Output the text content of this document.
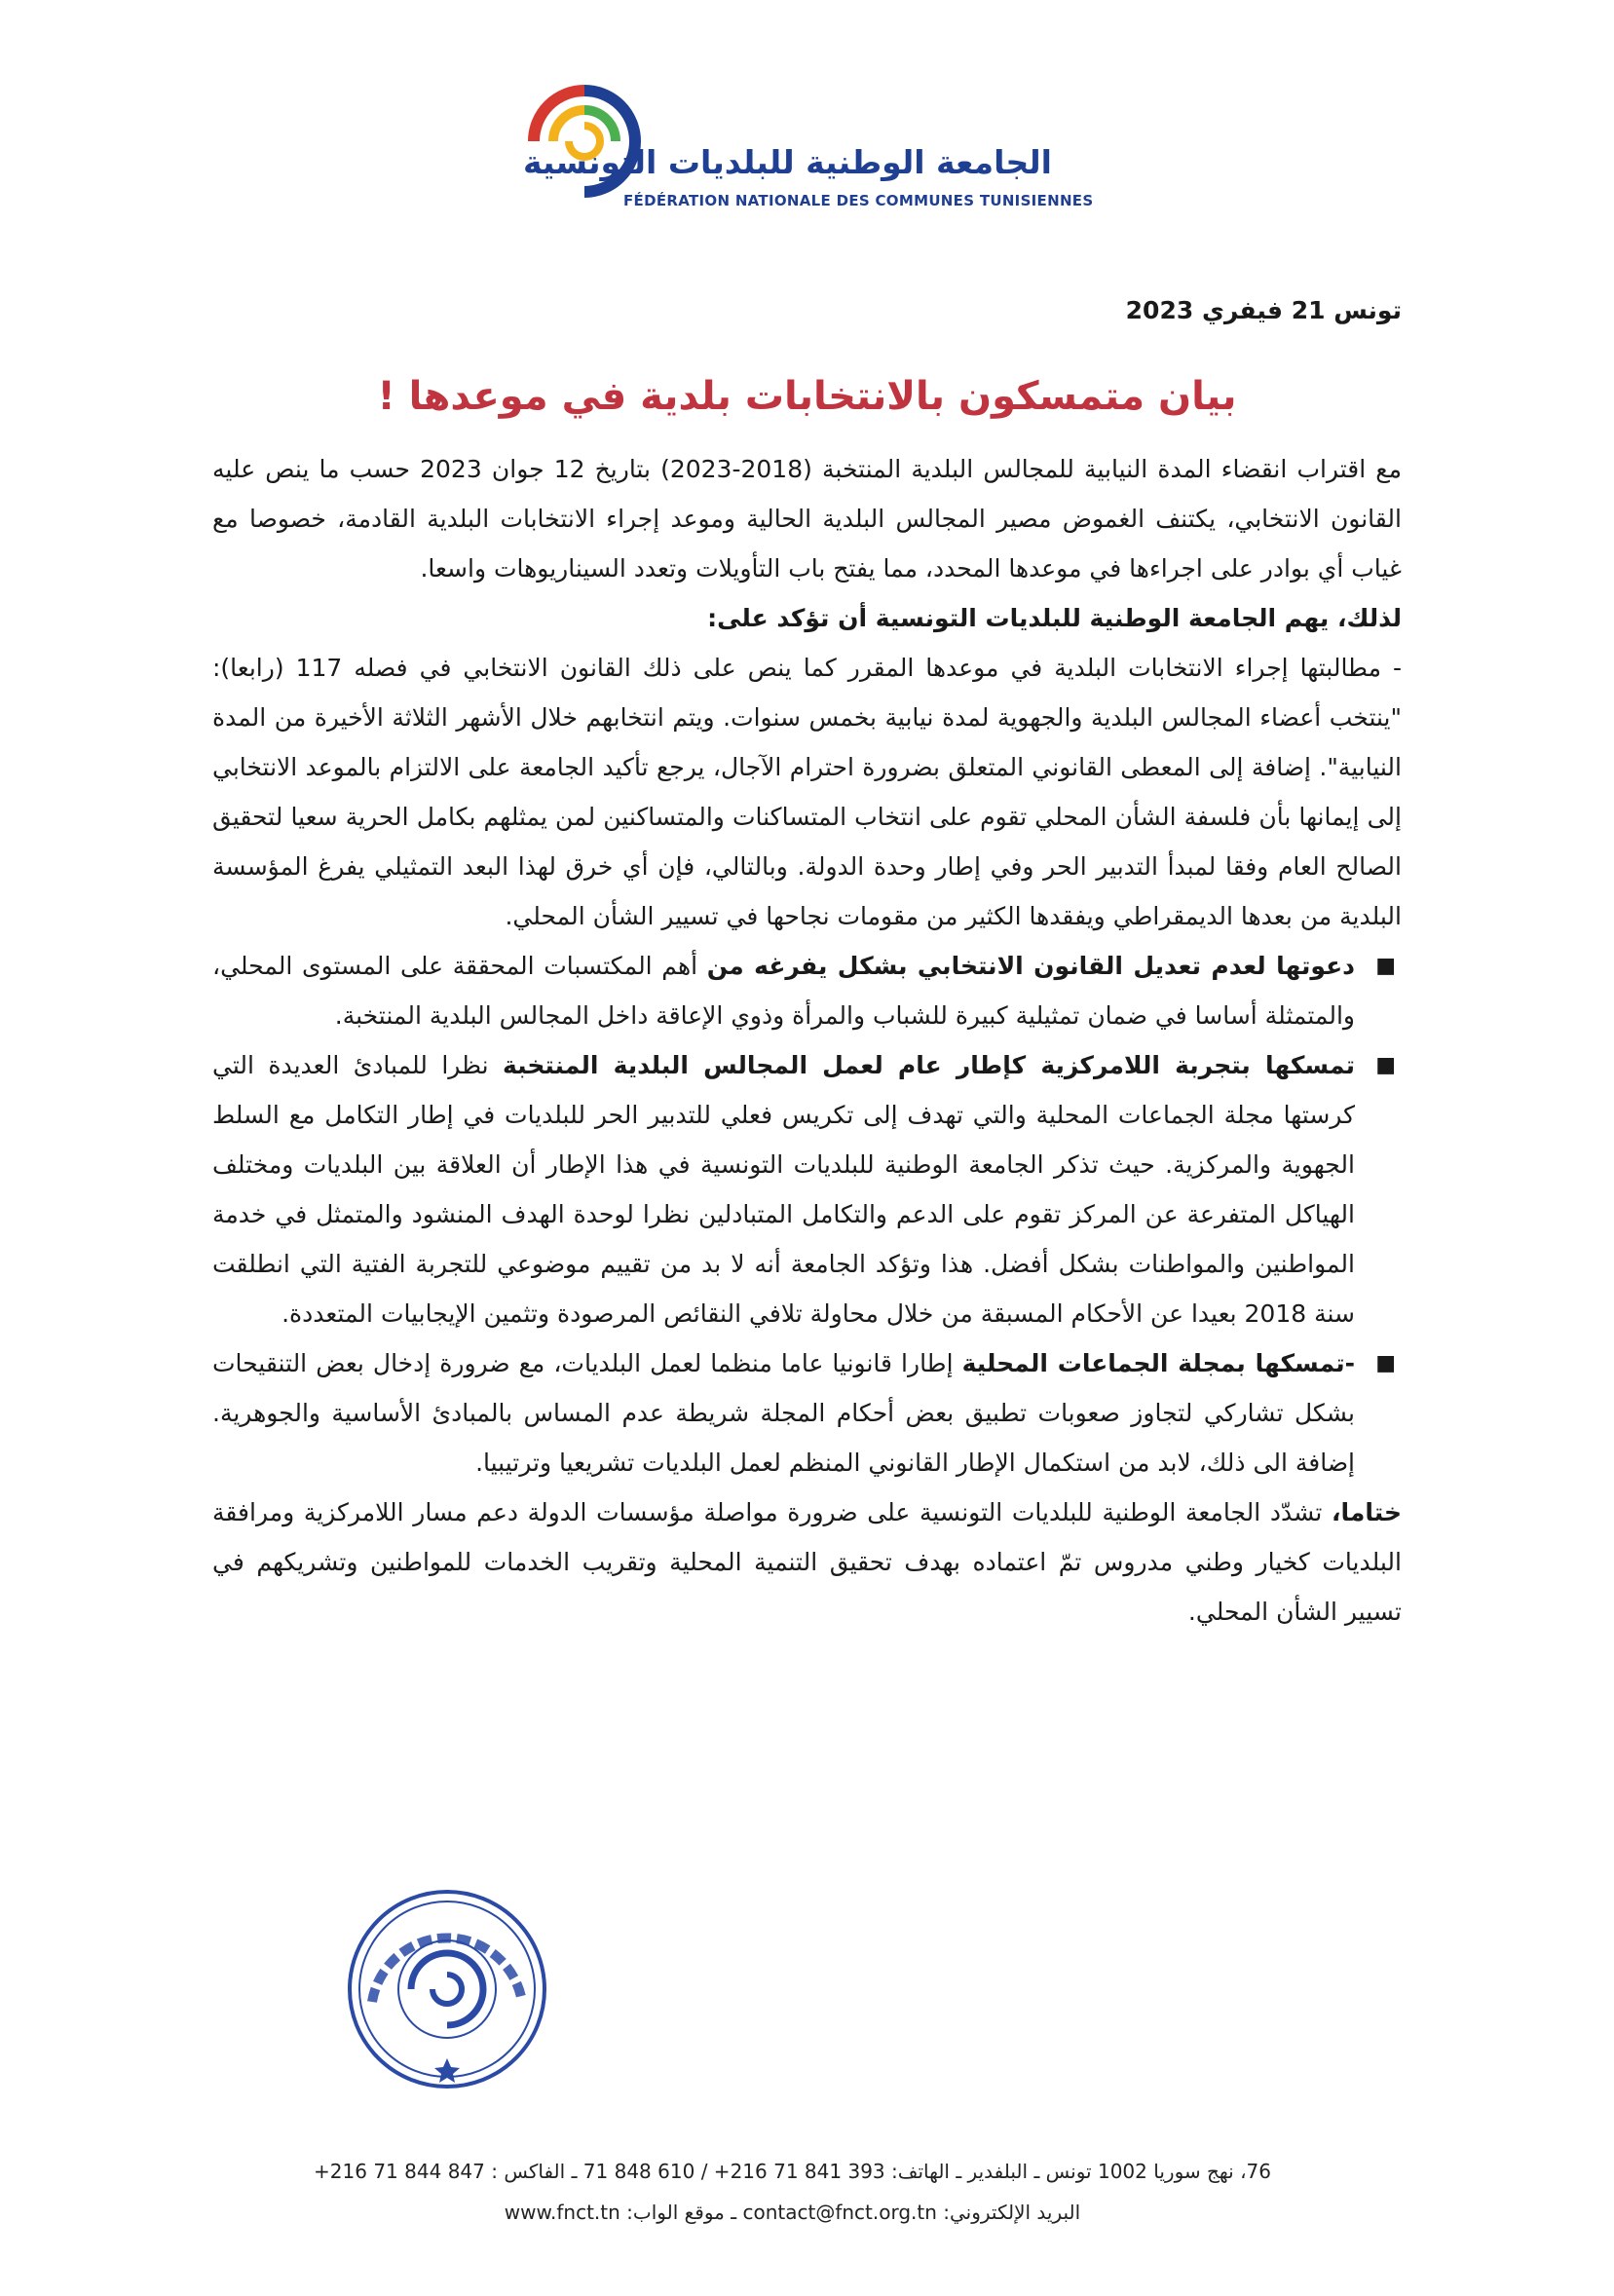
الجامعة الوطنية للبلديات التونسية
FÉDÉRATION NATIONALE DES COMMUNES TUNISIENNES
تونس 21 فيفري 2023
بيان متمسكون بالانتخابات بلدية في موعدها !

مع اقتراب انقضاء المدة النيابية للمجالس البلدية المنتخبة (2018-2023) بتاريخ 12 جوان 2023 حسب ما ينص عليه القانون الانتخابي، يكتنف الغموض مصير المجالس البلدية الحالية وموعد إجراء الانتخابات البلدية القادمة، خصوصا مع غياب أي بوادر على اجراءها في موعدها المحدد، مما يفتح باب التأويلات وتعدد السيناريوهات واسعا.

لذلك، يهم الجامعة الوطنية للبلديات التونسية أن تؤكد على:

- مطالبتها إجراء الانتخابات البلدية في موعدها المقرر كما ينص على ذلك القانون الانتخابي في فصله 117 (رابعا): "ينتخب أعضاء المجالس البلدية والجهوية لمدة نيابية بخمس سنوات. ويتم انتخابهم خلال الأشهر الثلاثة الأخيرة من المدة النيابية". إضافة إلى المعطى القانوني المتعلق بضرورة احترام الآجال، يرجع تأكيد الجامعة على الالتزام بالموعد الانتخابي إلى إيمانها بأن فلسفة الشأن المحلي تقوم على انتخاب المتساكنات والمتساكنين لمن يمثلهم بكامل الحرية سعيا لتحقيق الصالح العام وفقا لمبدأ التدبير الحر وفي إطار وحدة الدولة. وبالتالي، فإن أي خرق لهذا البعد التمثيلي يفرغ المؤسسة البلدية من بعدها الديمقراطي ويفقدها الكثير من مقومات نجاحها في تسيير الشأن المحلي.

■
دعوتها لعدم تعديل القانون الانتخابي بشكل يفرغه من أهم المكتسبات المحققة على المستوى المحلي، والمتمثلة أساسا في ضمان تمثيلية كبيرة للشباب والمرأة وذوي الإعاقة داخل المجالس البلدية المنتخبة.
■
تمسكها بتجربة اللامركزية كإطار عام لعمل المجالس البلدية المنتخبة نظرا للمبادئ العديدة التي كرستها مجلة الجماعات المحلية والتي تهدف إلى تكريس فعلي للتدبير الحر للبلديات في إطار التكامل مع السلط الجهوية والمركزية. حيث تذكر الجامعة الوطنية للبلديات التونسية في هذا الإطار أن العلاقة بين البلديات ومختلف الهياكل المتفرعة عن المركز تقوم على الدعم والتكامل المتبادلين نظرا لوحدة الهدف المنشود والمتمثل في خدمة المواطنين والمواطنات بشكل أفضل. هذا وتؤكد الجامعة أنه لا بد من تقييم موضوعي للتجربة الفتية التي انطلقت سنة 2018 بعيدا عن الأحكام المسبقة من خلال محاولة تلافي النقائص المرصودة وتثمين الإيجابيات المتعددة.
■
-تمسكها بمجلة الجماعات المحلية إطارا قانونيا عاما منظما لعمل البلديات، مع ضرورة إدخال بعض التنقيحات بشكل تشاركي لتجاوز صعوبات تطبيق بعض أحكام المجلة شريطة عدم المساس بالمبادئ الأساسية والجوهرية. إضافة الى ذلك، لابد من استكمال الإطار القانوني المنظم لعمل البلديات تشريعيا وترتيبيا.

ختاما، تشدّد الجامعة الوطنية للبلديات التونسية على ضرورة مواصلة مؤسسات الدولة دعم مسار اللامركزية ومرافقة البلديات كخيار وطني مدروس تمّ اعتماده بهدف تحقيق التنمية المحلية وتقريب الخدمات للمواطنين وتشريكهم في تسيير الشأن المحلي.

76، نهج سوريا 1002 تونس ـ البلفدير ـ الهاتف: 393 841 71 216+ / 610 848 71 ـ الفاكس : 847 844 71 216+
البريد الإلكتروني: contact@fnct.org.tn ـ موقع الواب: www.fnct.tn
